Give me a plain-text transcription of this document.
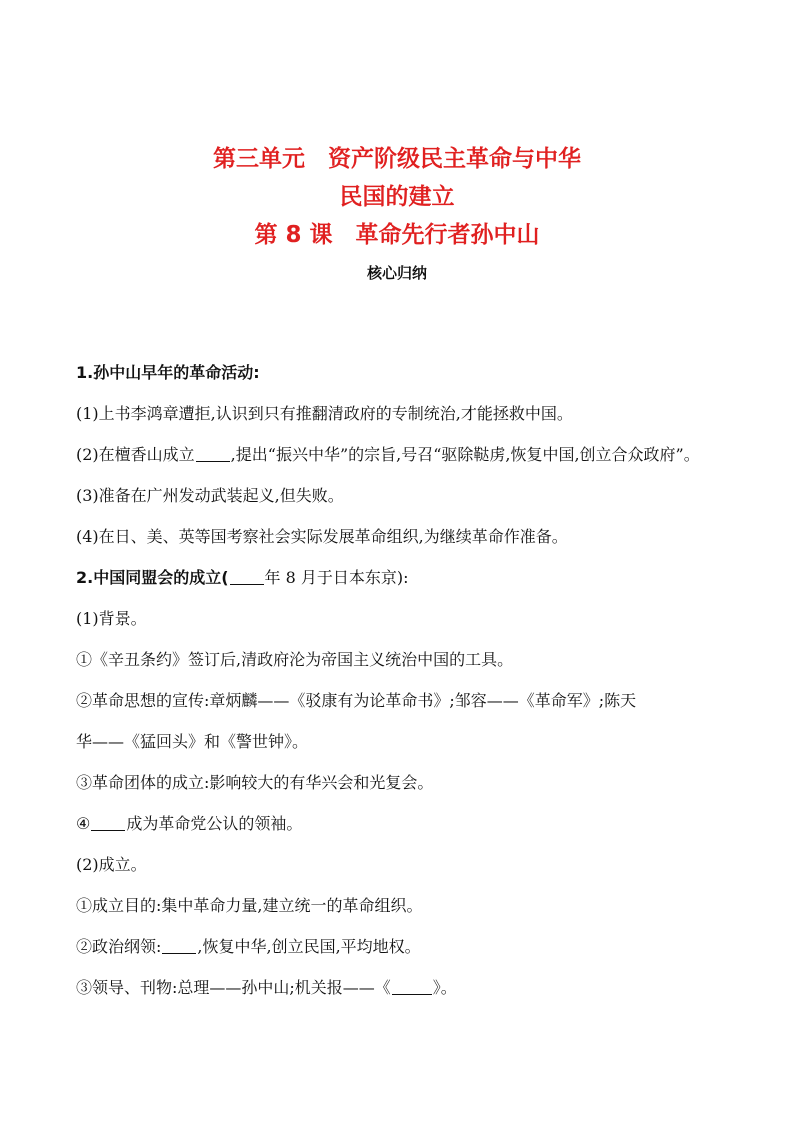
第三单元　资产阶级民主革命与中华
民国的建立
第 8 课　革命先行者孙中山
核心归纳
1.孙中山早年的革命活动:
(1)上书李鸿章遭拒,认识到只有推翻清政府的专制统治,才能拯救中国。
(2)在檀香山成立 ,提出“振兴中华”的宗旨,号召“驱除鞑虏,恢复中国,创立合众政府”。
(3)准备在广州发动武装起义,但失败。
(4)在日、美、英等国考察社会实际发展革命组织,为继续革命作准备。
2.中国同盟会的成立( 年 8 月于日本东京):
(1)背景。
①《辛丑条约》签订后,清政府沦为帝国主义统治中国的工具。
②革命思想的宣传:章炳麟——《驳康有为论革命书》;邹容——《革命军》;陈天
华——《猛回头》和《警世钟》。
③革命团体的成立:影响较大的有华兴会和光复会。
④ 成为革命党公认的领袖。
(2)成立。
①成立目的:集中革命力量,建立统一的革命组织。
②政治纲领: ,恢复中华,创立民国,平均地权。
③领导、刊物:总理——孙中山;机关报——《	》。
